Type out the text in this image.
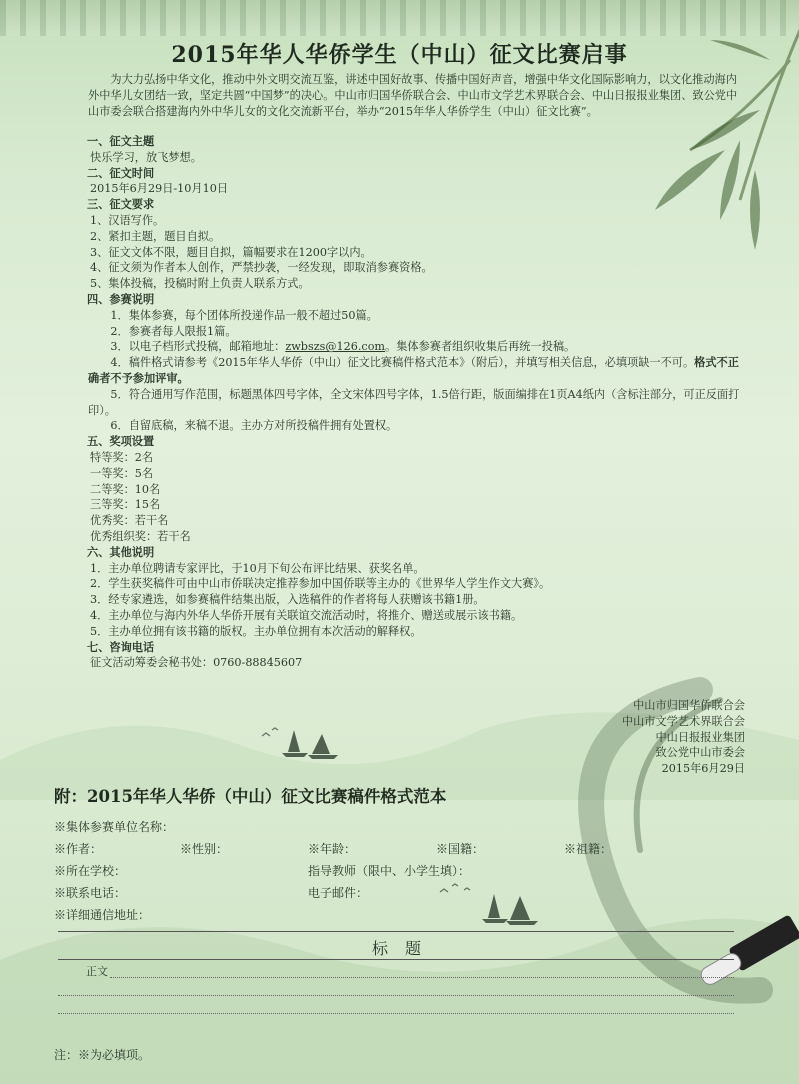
2015年华人华侨学生（中山）征文比赛启事
为大力弘扬中华文化，推动中外文明交流互鉴，讲述中国好故事、传播中国好声音，增强中华文化国际影响力，以文化推动海内外中华儿女团结一致，坚定共圆“中国梦”的决心。中山市归国华侨联合会、中山市文学艺术界联合会、中山日报报业集团、致公党中山市委会联合搭建海内外中华儿女的文化交流新平台，举办“2015年华人华侨学生（中山）征文比赛”。
一、征文主题
快乐学习，放飞梦想。
二、征文时间
2015年6月29日-10月10日
三、征文要求
1、汉语写作。
2、紧扣主题，题目自拟。
3、征文文体不限，题目自拟，篇幅要求在1200字以内。
4、征文须为作者本人创作，严禁抄袭，一经发现，即取消参赛资格。
5、集体投稿，投稿时附上负责人联系方式。
四、参赛说明
1．集体参赛，每个团体所投递作品一般不超过50篇。
2．参赛者每人限报1篇。
3．以电子档形式投稿，邮箱地址：zwbszs@126.com。集体参赛者组织收集后再统一投稿。
4．稿件格式请参考《2015年华人华侨（中山）征文比赛稿件格式范本》（附后），并填写相关信息，必填项缺一不可。格式不正确者不予参加评审。
5．符合通用写作范围，标题黑体四号字体，全文宋体四号字体，1.5倍行距，版面编排在1页A4纸内（含标注部分，可正反面打印）。
6．自留底稿，来稿不退。主办方对所投稿件拥有处置权。
五、奖项设置
特等奖：2名
一等奖：5名
二等奖：10名
三等奖：15名
优秀奖：若干名
优秀组织奖：若干名
六、其他说明
1．主办单位聘请专家评比，于10月下旬公布评比结果、获奖名单。
2．学生获奖稿件可由中山市侨联决定推荐参加中国侨联等主办的《世界华人学生作文大赛》。
3．经专家遴选，如参赛稿件结集出版，入选稿件的作者将每人获赠该书籍1册。
4．主办单位与海内外华人华侨开展有关联谊交流活动时，将推介、赠送或展示该书籍。
5．主办单位拥有该书籍的版权。主办单位拥有本次活动的解释权。
七、咨询电话
征文活动筹委会秘书处：0760-88845607
中山市归国华侨联合会
中山市文学艺术界联合会
中山日报报业集团
致公党中山市委会
2015年6月29日
附：2015年华人华侨（中山）征文比赛稿件格式范本
※集体参赛单位名称：
※作者：	※性别：	※年龄：	※国籍：	※祖籍：
※所在学校：	指导教师（限中、小学生填）：
※联系电话：	电子邮件：
※详细通信地址：
标 题
正文
注：※为必填项。
